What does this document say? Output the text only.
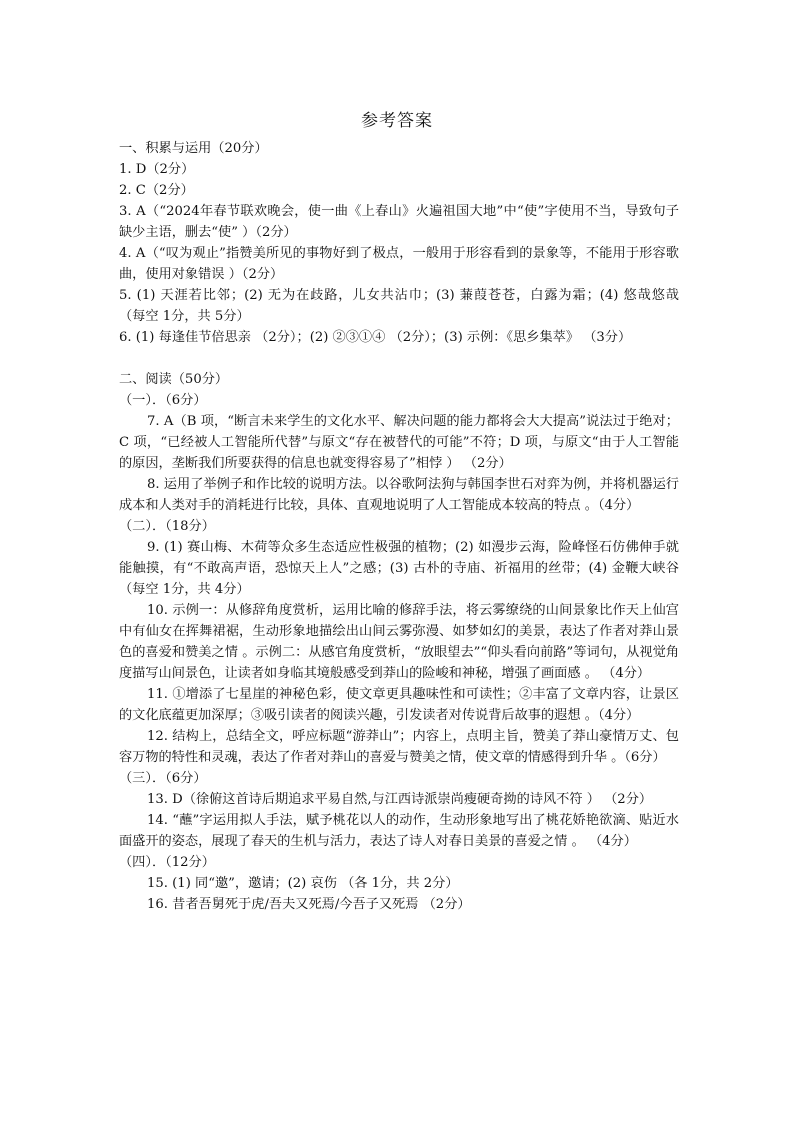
参考答案

一、积累与运用（20分）

1. D（2分）

2. C（2分）

3. A（“2024年春节联欢晚会，使一曲《上春山》火遍祖国大地”中“使”字使用不当，导致句子缺少主语，删去“使” ）（2分）

4. A（“叹为观止”指赞美所见的事物好到了极点，一般用于形容看到的景象等，不能用于形容歌曲，使用对象错误 ）（2分）

5. (1) 天涯若比邻；(2) 无为在歧路，儿女共沾巾；(3) 蒹葭苍苍，白露为霜；(4) 悠哉悠哉 （每空 1分，共 5分）

6. (1) 每逢佳节倍思亲 （2分）；(2) ②③①④ （2分）；(3) 示例：《思乡集萃》 （3分）

二、阅读（50分）

（一）．（6分）

7. A（B 项，“断言未来学生的文化水平、解决问题的能力都将会大大提高”说法过于绝对；C 项，“已经被人工智能所代替”与原文“存在被替代的可能”不符；D 项，与原文“由于人工智能的原因，垄断我们所要获得的信息也就变得容易了”相悖 ） （2分）

8. 运用了举例子和作比较的说明方法。以谷歌阿法狗与韩国李世石对弈为例，并将机器运行成本和人类对手的消耗进行比较，具体、直观地说明了人工智能成本较高的特点 。（4分）

（二）．（18分）

9. (1) 赛山梅、木荷等众多生态适应性极强的植物；(2) 如漫步云海，险峰怪石仿佛伸手就能触摸，有“不敢高声语，恐惊天上人”之感；(3) 古朴的寺庙、祈福用的丝带；(4) 金鞭大峡谷 （每空 1分，共 4分）

10. 示例一：从修辞角度赏析，运用比喻的修辞手法，将云雾缭绕的山间景象比作天上仙宫中有仙女在挥舞裙裾，生动形象地描绘出山间云雾弥漫、如梦如幻的美景，表达了作者对莽山景色的喜爱和赞美之情 。示例二：从感官角度赏析，“放眼望去”“仰头看向前路”等词句，从视觉角度描写山间景色，让读者如身临其境般感受到莽山的险峻和神秘，增强了画面感 。 （4分）

11. ①增添了七星崖的神秘色彩，使文章更具趣味性和可读性；②丰富了文章内容，让景区的文化底蕴更加深厚；③吸引读者的阅读兴趣，引发读者对传说背后故事的遐想 。（4分）

12. 结构上，总结全文，呼应标题“游莽山”；内容上，点明主旨，赞美了莽山豪情万丈、包容万物的特性和灵魂，表达了作者对莽山的喜爱与赞美之情，使文章的情感得到升华 。（6分）

（三）．（6分）

13. D（徐俯这首诗后期追求平易自然,与江西诗派崇尚瘦硬奇拗的诗风不符 ） （2分）

14. “蘸”字运用拟人手法，赋予桃花以人的动作，生动形象地写出了桃花娇艳欲滴、贴近水面盛开的姿态，展现了春天的生机与活力，表达了诗人对春日美景的喜爱之情 。 （4分）

（四）．（12分）

15. (1) 同“邀”，邀请；(2) 哀伤 （各 1分，共 2分）

16. 昔者吾舅死于虎/吾夫又死焉/今吾子又死焉 （2分）
